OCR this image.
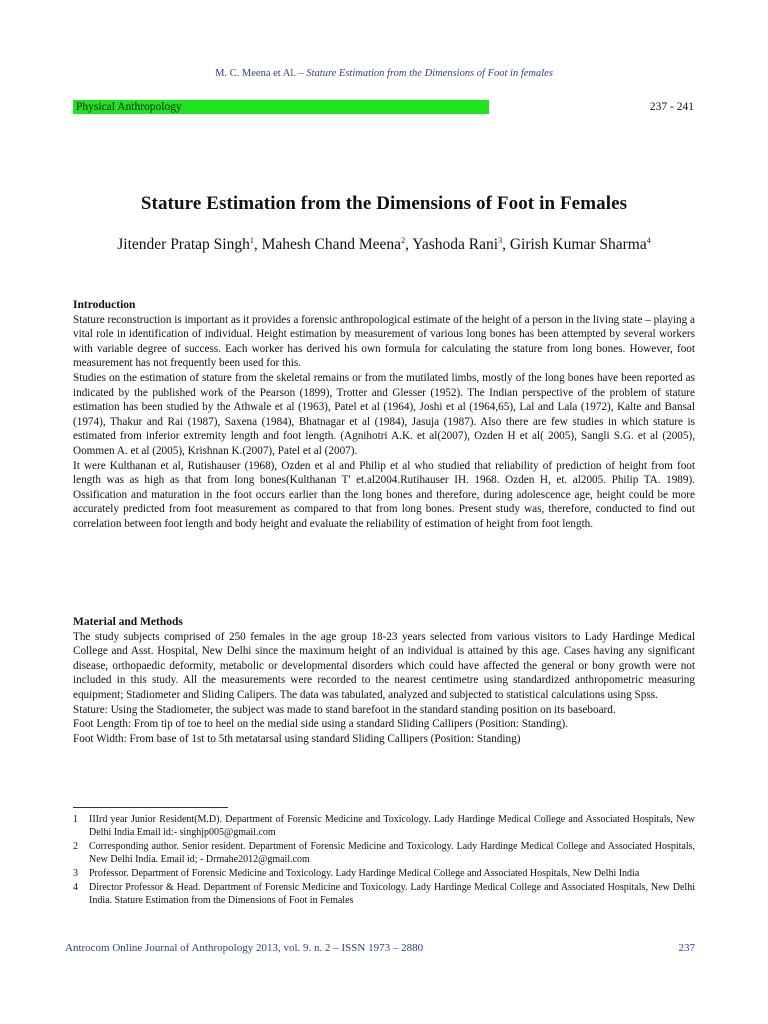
M. C. Meena et Al. – Stature Estimation from the Dimensions of Foot in females
Physical Anthropology	237 - 241
Stature Estimation from the Dimensions of Foot in Females
Jitender Pratap Singh$^1$, Mahesh Chand Meena$^2$, Yashoda Rani$^3$, Girish Kumar Sharma$^4$
Introduction

Stature reconstruction is important as it provides a forensic anthropological estimate of the height of a person in the living state – playing a vital role in identification of individual. Height estimation by measurement of various long bones has been attempted by several workers with variable degree of success. Each worker has derived his own formula for calculating the stature from long bones. However, foot measurement has not frequently been used for this.

Studies on the estimation of stature from the skeletal remains or from the mutilated limbs, mostly of the long bones have been reported as indicated by the published work of the Pearson (1899), Trotter and Glesser (1952). The Indian perspective of the problem of stature estimation has been studied by the Athwale et al (1963), Patel et al (1964), Joshi et al (1964,65), Lal and Lala (1972), Kalte and Bansal (1974), Thakur and Rai (1987), Saxena (1984), Bhatnagar et al (1984), Jasuja (1987). Also there are few studies in which stature is estimated from inferior extremity length and foot length. (Agnihotri A.K. et al(2007), Ozden H et al( 2005), Sangli S.G. et al (2005), Oommen A. et al (2005), Krishnan K.(2007), Patel et al (2007).

It were Kulthanan et al, Rutishauser (1968), Ozden et al and Philip et al who studied that reliability of prediction of height from foot length was as high as that from long bones(Kulthanan T' et.al2004.Rutihauser IH. 1968. Ozden H, et. al2005. Philip TA. 1989). Ossification and maturation in the foot occurs earlier than the long bones and therefore, during adolescence age, height could be more accurately predicted from foot measurement as compared to that from long bones. Present study was, therefore, conducted to find out correlation between foot length and body height and evaluate the reliability of estimation of height from foot length.

Material and Methods

The study subjects comprised of 250 females in the age group 18-23 years selected from various visitors to Lady Hardinge Medical College and Asst. Hospital, New Delhi since the maximum height of an individual is attained by this age. Cases having any significant disease, orthopaedic deformity, metabolic or developmental disorders which could have affected the general or bony growth were not included in this study. All the measurements were recorded to the nearest centimetre using standardized anthropometric measuring equipment; Stadiometer and Sliding Calipers. The data was tabulated, analyzed and subjected to statistical calculations using Spss.

Stature: Using the Stadiometer, the subject was made to stand barefoot in the standard standing position on its baseboard.

Foot Length: From tip of toe to heel on the medial side using a standard Sliding Callipers (Position: Standing).

Foot Width: From base of 1st to 5th metatarsal using standard Sliding Callipers (Position: Standing)

1	IIIrd year Junior Resident(M.D). Department of Forensic Medicine and Toxicology. Lady Hardinge Medical College and Associated Hospitals, New Delhi India Email id:- singhjp005@gmail.com
2	Corresponding author. Senior resident. Department of Forensic Medicine and Toxicology. Lady Hardinge Medical College and Associated Hospitals, New Delhi India. Email id; - Drmahe2012@gmail.com
3	Professor. Department of Forensic Medicine and Toxicology. Lady Hardinge Medical College and Associated Hospitals, New Delhi India
4	Director Professor & Head. Department of Forensic Medicine and Toxicology. Lady Hardinge Medical College and Associated Hospitals, New Delhi India. Stature Estimation from the Dimensions of Foot in Females
Antrocom Online Journal of Anthropology 2013, vol. 9. n. 2 – ISSN 1973 – 2880	237
